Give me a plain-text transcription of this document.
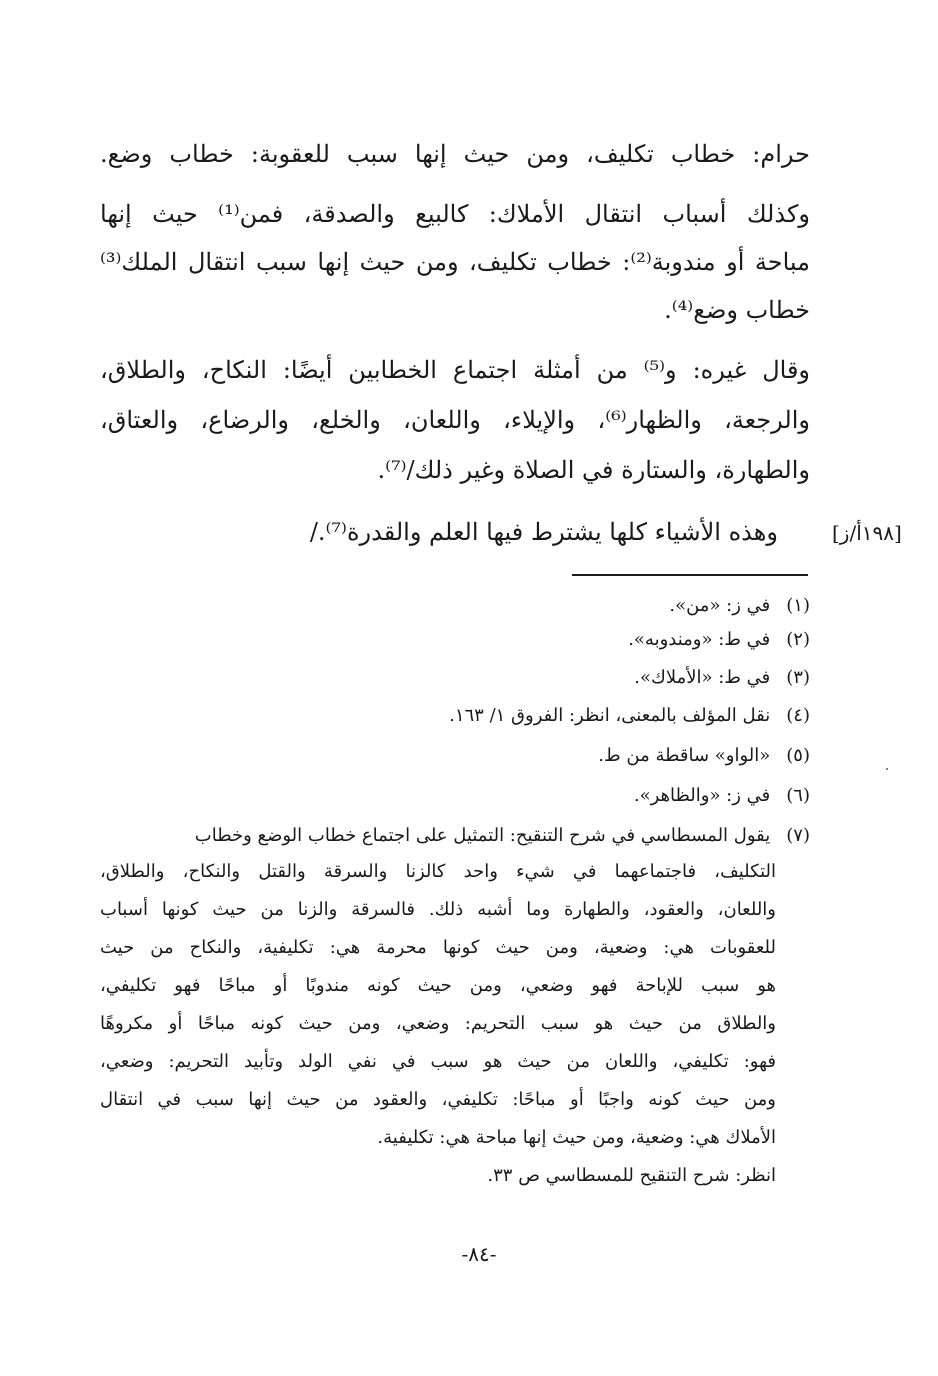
حرام: خطاب تكليف، ومن حيث إنها سبب للعقوبة: خطاب وضع.
وكذلك أسباب انتقال الأملاك: كالبيع والصدقة، فمن⁽¹⁾ حيث إنها
مباحة أو مندوبة⁽²⁾: خطاب تكليف، ومن حيث إنها سبب انتقال الملك⁽³⁾
خطاب وضع⁽⁴⁾.
وقال غيره: و⁽⁵⁾ من أمثلة اجتماع الخطابين أيضًا: النكاح، والطلاق،
والرجعة، والظهار⁽⁶⁾، والإيلاء، واللعان، والخلع، والرضاع، والعتاق،
والطهارة، والستارة في الصلاة وغير ذلك/⁽⁷⁾.
وهذه الأشياء كلها يشترط فيها العلم والقدرة⁽⁷⁾./	[١٩٨أ/ز]
(١) في ز: «من».
(٢) في ط: «ومندوبه».
(٣) في ط: «الأملاك».
(٤) نقل المؤلف بالمعنى، انظر: الفروق ١/ ١٦٣.
(٥) «الواو» ساقطة من ط.
(٦) في ز: «والظاهر».
(٧) يقول المسطاسي في شرح التنقيح: التمثيل على اجتماع خطاب الوضع وخطاب
التكليف، فاجتماعهما في شيء واحد كالزنا والسرقة والقتل والنكاح، والطلاق،
واللعان، والعقود، والطهارة وما أشبه ذلك. فالسرقة والزنا من حيث كونها أسباب
للعقوبات هي: وضعية، ومن حيث كونها محرمة هي: تكليفية، والنكاح من حيث
هو سبب للإباحة فهو وضعي، ومن حيث كونه مندوبًا أو مباحًا فهو تكليفي،
والطلاق من حيث هو سبب التحريم: وضعي، ومن حيث كونه مباحًا أو مكروهًا
فهو: تكليفي، واللعان من حيث هو سبب في نفي الولد وتأبيد التحريم: وضعي،
ومن حيث كونه واجبًا أو مباحًا: تكليفي، والعقود من حيث إنها سبب في انتقال
الأملاك هي: وضعية، ومن حيث إنها مباحة هي: تكليفية.
انظر: شرح التنقيح للمسطاسي ص ٣٣.
-٨٤-
